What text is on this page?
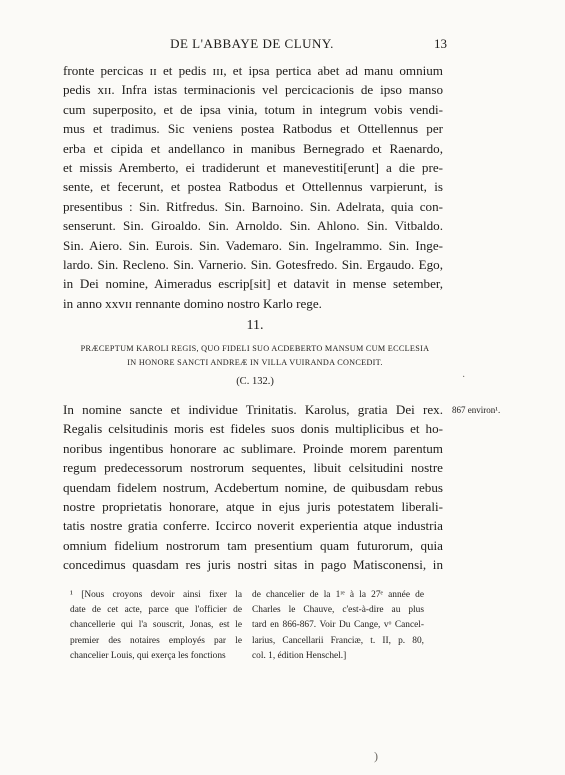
DE L'ABBAYE DE CLUNY.	13
fronte percicas ɪɪ et pedis ɪɪɪ, et ipsa pertica abet ad manu omnium
pedis xɪɪ. Infra istas terminacionis vel percicacionis de ipso manso
cum superposito, et de ipsa vinia, totum in integrum vobis vendi-
mus et tradimus. Sic veniens postea Ratbodus et Ottellennus per
erba et cipida et andellanco in manibus Bernegrado et Raenardo,
et missis Aremberto, ei tradiderunt et manevestiti[erunt] a die pre-
sente, et fecerunt, et postea Ratbodus et Ottellennus varpierunt, is
presentibus : Sin. Ritfredus. Sin. Barnoino. Sin. Adelrata, quia con-
senserunt. Sin. Giroaldo. Sin. Arnoldo. Sin. Ahlono. Sin. Vitbaldo.
Sin. Aiero. Sin. Eurois. Sin. Vademaro. Sin. Ingelrammo. Sin. Inge-
lardo. Sin. Recleno. Sin. Varnerio. Sin. Gotesfredo. Sin. Ergaudo. Ego,
in Dei nomine, Aimeradus escrip[sit] et datavit in mense setember,
in anno xxvɪɪ rennante domino nostro Karlo rege.
11.
PRÆCEPTUM KAROLI REGIS, QUO FIDELI SUO ACDEBERTO MANSUM CUM ECCLESIA
IN HONORE SANCTI ANDREÆ IN VILLA VUIRANDA CONCEDIT.
(C. 132.)
867 environ¹.
In nomine sancte et individue Trinitatis. Karolus, gratia Dei rex.
Regalis celsitudinis moris est fideles suos donis multiplicibus et ho-
noribus ingentibus honorare ac sublimare. Proinde morem parentum
regum predecessorum nostrorum sequentes, libuit celsitudini nostre
quendam fidelem nostrum, Acdebertum nomine, de quibusdam rebus
nostre proprietatis honorare, atque in ejus juris potestatem liberali-
tatis nostre gratia conferre. Iccirco noverit experientia atque industria
omnium fidelium nostrorum tam presentium quam futurorum, quia
concedimus quasdam res juris nostri sitas in pago Matisconensi, in
¹ [Nous croyons devoir ainsi fixer la
date de cet acte, parce que l'officier de
chancellerie qui l'a souscrit, Jonas, est le
premier des notaires employés par le
chancelier Louis, qui exerça les fonctions
de chancelier de la 1ʳᵉ à la 27ᵉ année de
Charles le Chauve, c'est-à-dire au plus
tard en 866-867. Voir Du Cange, vᵒ Cancel-
larius, Cancellarii Franciæ, t. II, p. 80,
col. 1, édition Henschel.]
·
)
